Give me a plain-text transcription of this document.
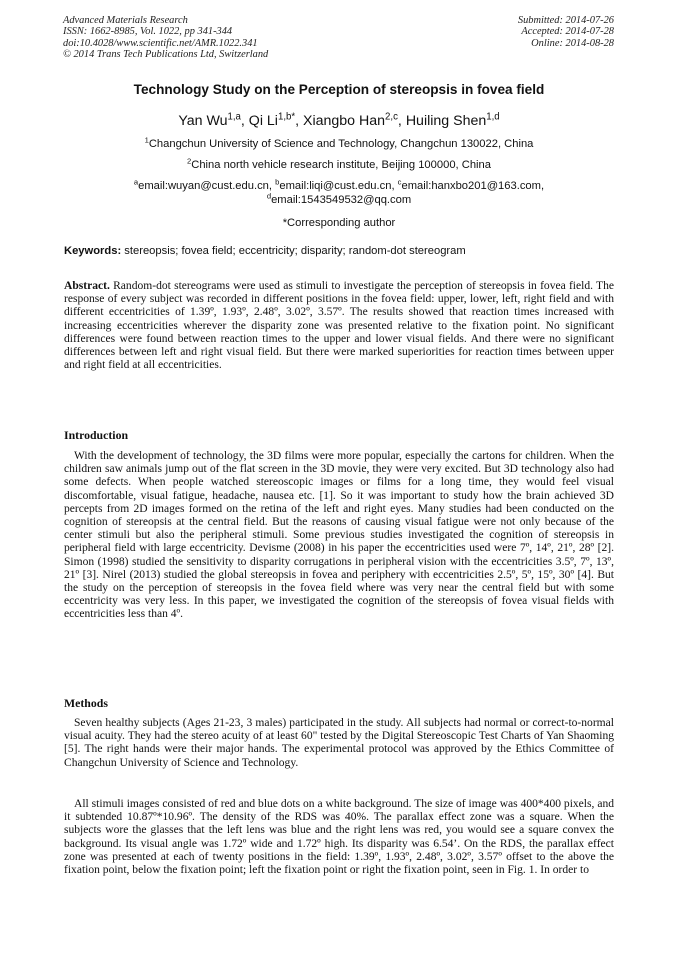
Advanced Materials Research
ISSN: 1662-8985, Vol. 1022, pp 341-344
doi:10.4028/www.scientific.net/AMR.1022.341
© 2014 Trans Tech Publications Ltd, Switzerland
Submitted: 2014-07-26
Accepted: 2014-07-28
Online: 2014-08-28
Technology Study on the Perception of stereopsis in fovea field
Yan Wu$^{1,a}$, Qi $Li^{1,b*}$, Xiangbo Han$^{2,c}$, Huiling Shen$^{1,d}$
$^1$Changchun University of Science and Technology, Changchun 130022, China
$^2$China north vehicle research institute, Beijing 100000, China
$^a$email:wuyan@cust.edu.cn, $^b$email:liqi@cust.edu.cn, $^c$email:hanxbo201@163.com,
$^d$email:1543549532@qq.com
*Corresponding author
Keywords: stereopsis; fovea field; eccentricity; disparity; random-dot stereogram
Abstract. Random-dot stereograms were used as stimuli to investigate the perception of stereopsis in fovea field. The response of every subject was recorded in different positions in the fovea field: upper, lower, left, right field and with different eccentricities of 1.39º, 1.93º, 2.48º, 3.02º, 3.57º. The results showed that reaction times increased with increasing eccentricities wherever the disparity zone was presented relative to the fixation point. No significant differences were found between reaction times to the upper and lower visual fields. And there were no significant differences between left and right visual field. But there were marked superiorities for reaction times between upper and right field at all eccentricities.
Introduction
With the development of technology, the 3D films were more popular, especially the cartons for children. When the children saw animals jump out of the flat screen in the 3D movie, they were very excited. But 3D technology also had some defects. When people watched stereoscopic images or films for a long time, they would feel visual discomfortable, visual fatigue, headache, nausea etc. [1]. So it was important to study how the brain achieved 3D percepts from 2D images formed on the retina of the left and right eyes. Many studies had been conducted on the cognition of stereopsis at the central field. But the reasons of causing visual fatigue were not only because of the center stimuli but also the peripheral stimuli. Some previous studies investigated the cognition of stereopsis in peripheral field with large eccentricity. Devisme (2008) in his paper the eccentricities used were 7º, 14º, 21º, 28º [2]. Simon (1998) studied the sensitivity to disparity corrugations in peripheral vision with the eccentricities 3.5º, 7º, 13º, 21º [3]. Nirel (2013) studied the global stereopsis in fovea and periphery with eccentricities 2.5º, 5º, 15º, 30º [4]. But the study on the perception of stereopsis in the fovea field where was very near the central field but with some eccentricity was very less. In this paper, we investigated the cognition of the stereopsis of fovea visual fields with eccentricities less than 4º.
Methods
Seven healthy subjects (Ages 21-23, 3 males) participated in the study. All subjects had normal or correct-to-normal visual acuity. They had the stereo acuity of at least 60" tested by the Digital Stereoscopic Test Charts of Yan Shaoming [5]. The right hands were their major hands. The experimental protocol was approved by the Ethics Committee of Changchun University of Science and Technology.
All stimuli images consisted of red and blue dots on a white background. The size of image was 400*400 pixels, and it subtended 10.87º*10.96º. The density of the RDS was 40%. The parallax effect zone was a square. When the subjects wore the glasses that the left lens was blue and the right lens was red, you would see a square convex the background. Its visual angle was 1.72º wide and 1.72º high. Its disparity was 6.54’. On the RDS, the parallax effect zone was presented at each of twenty positions in the field: 1.39º, 1.93º, 2.48º, 3.02º, 3.57º offset to the above the fixation point, below the fixation point; left the fixation point or right the fixation point, seen in Fig. 1. In order to
